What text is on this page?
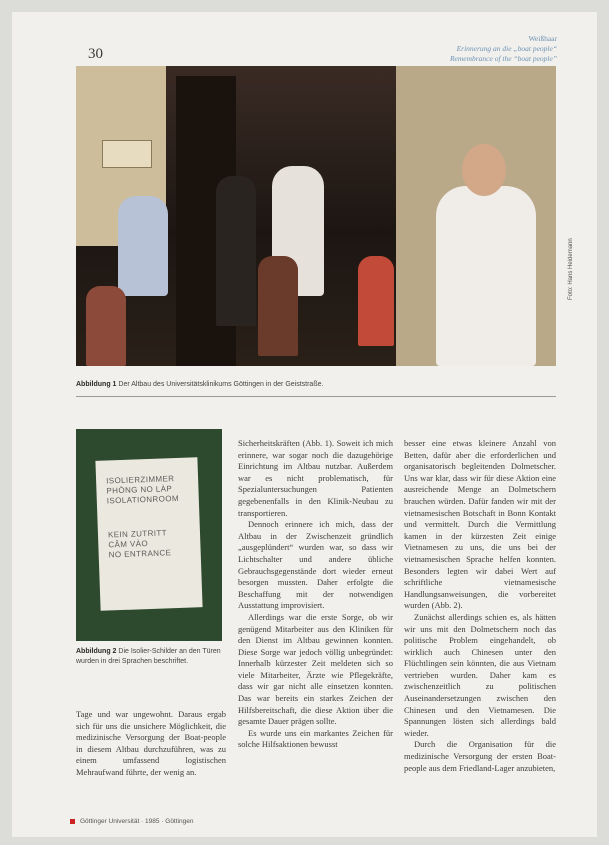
30
Weißhaar
Erinnerung an die „boat people“
Remembrance of the “boat people”
Foto: Hans Heidemann
Abbildung 1 Der Altbau des Universitätsklinikums Göttingen in der Geiststraße.
ISOLIERZIMMER
PHÒNG NO LÀP
ISOLATIONROOM
KEIN ZUTRITT
CÂM VÀO
NO ENTRANCE
Abbildung 2 Die Isolier-Schilder an den Türen wurden in drei Sprachen beschriftet.

Tage und war ungewohnt. Daraus ergab sich für uns die unsichere Möglichkeit, die medizinische Versorgung der Boat-people in diesem Altbau durchzuführen, was zu einem umfassend logistischen Mehraufwand führte, der wenig an.

Sicherheitskräften (Abb. 1). Soweit ich mich erinnere, war sogar noch die dazugehörige Einrichtung im Altbau nutzbar. Außerdem war es nicht problematisch, für Spezialuntersuchungen Patienten gegebenenfalls in den Klinik-Neubau zu transportieren.

Dennoch erinnere ich mich, dass der Altbau in der Zwischenzeit gründlich „ausgeplündert“ wurden war, so dass wir Lichtschalter und andere übliche Gebrauchsgegenstände dort wieder erneut besorgen mussten. Daher erfolgte die Beschaffung mit der notwendigen Ausstattung improvisiert.

Allerdings war die erste Sorge, ob wir genügend Mitarbeiter aus den Kliniken für den Dienst im Altbau gewinnen konnten. Diese Sorge war jedoch völlig unbegründet: Innerhalb kürzester Zeit meldeten sich so viele Mitarbeiter, Ärzte wie Pflegekräfte, dass wir gar nicht alle einsetzen konnten. Das war bereits ein starkes Zeichen der Hilfsbereitschaft, die diese Aktion über die gesamte Dauer prägen sollte.

Es wurde uns ein markantes Zeichen für solche Hilfsaktionen bewusst

besser eine etwas kleinere Anzahl von Betten, dafür aber die erforderlichen und organisatorisch begleitenden Dolmetscher. Uns war klar, dass wir für diese Aktion eine ausreichende Menge an Dolmetschern brauchen würden. Dafür fanden wir mit der vietnamesischen Botschaft in Bonn Kontakt und vermittelt. Durch die Vermittlung kamen in der kürzesten Zeit einige Vietnamesen zu uns, die uns bei der vietnamesischen Sprache helfen konnten. Besonders legten wir dabei Wert auf schriftliche vietnamesische Handlungsanweisungen, die vorbereitet wurden (Abb. 2).

Zunächst allerdings schien es, als hätten wir uns mit den Dolmetschern noch das politische Problem eingehandelt, ob wirklich auch Chinesen unter den Flüchtlingen sein könnten, die aus Vietnam vertrieben wurden. Daher kam es zwischenzeitlich zu politischen Auseinandersetzungen zwischen den Chinesen und den Vietnamesen. Die Spannungen lösten sich allerdings bald wieder.

Durch die Organisation für die medizinische Versorgung der ersten Boat-people aus dem Friedland-Lager anzubieten,

Göttinger Universität · 1985 · Göttingen
